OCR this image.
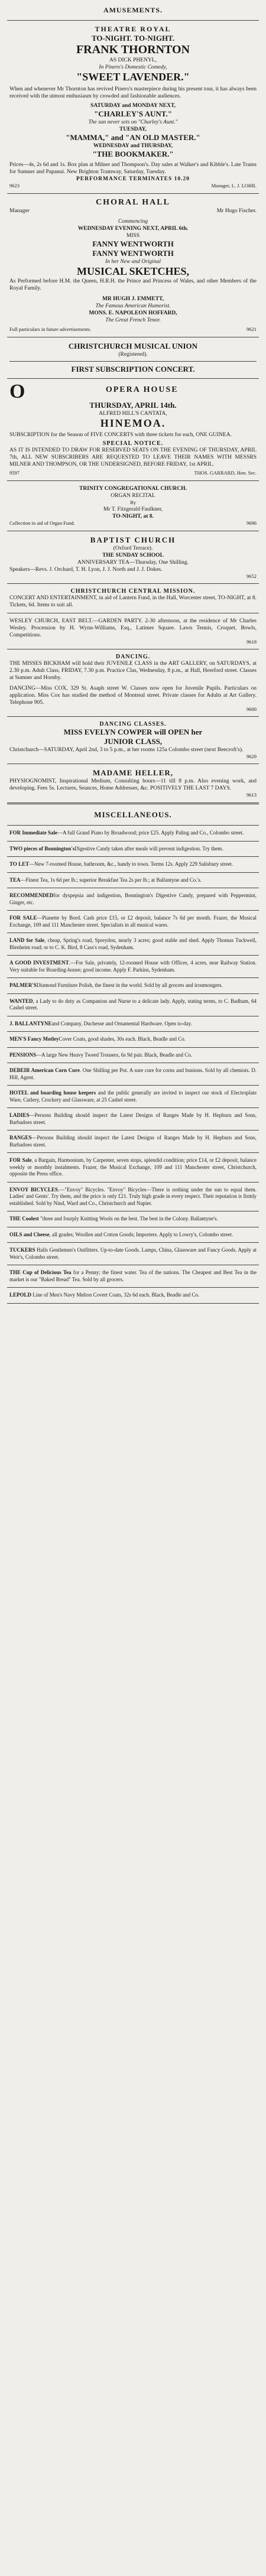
AMUSEMENTS.
THEATRE ROYAL
TO-NIGHT. TO-NIGHT.
FRANK THORNTON
AS DICK PHENYL,
In Pinero's Domestic Comedy,
"SWEET LAVENDER."
When and whenever Mr Thornton has revived Pinero's masterpiece during his present tour, it has always been received with the utmost enthusiasm by crowded and fashionable audiences.
SATURDAY and MONDAY NEXT,
"CHARLEY'S AUNT."
The sun never sets on "Charley's Aunt."
TUESDAY,
"MAMMA," and "AN OLD MASTER."
WEDNESDAY and THURSDAY,
"THE BOOKMAKER."
Prices—4s, 2s 6d and 1s. Box plan at Milner and Thompson's. Day sales at Walker's and Kibble's. Late Trams for Sumner and Papanui. New Brighton Tramway, Saturday, Tuesday.
PERFORMANCE TERMINATES 10.20
9623	Manager, L. J. LOHR.
CHORAL HALL
Manager	Mr Hugo Fischer.
Commencing
WEDNESDAY EVENING NEXT, APRIL 6th.
MISS
FANNY WENTWORTH
FANNY WENTWORTH
In her New and Original
MUSICAL SKETCHES,
As Performed before H.M. the Queen, H.R.H. the Prince and Princess of Wales, and other Members of the Royal Family.
MR HUGH J. EMMETT,
The Famous American Humorist.
MONS. E. NAPOLEON HOFFARD,
The Great French Tenor.
Full particulars in future advertisements.	9621
CHRISTCHURCH MUSICAL UNION
(Registered).
FIRST SUBSCRIPTION CONCERT.
O	OPERA HOUSE
THURSDAY, APRIL 14th.
ALFRED HILL'S CANTATA,
HINEMOA.
SUBSCRIPTION for the Season of FIVE CONCERTS with three tickets for each, ONE GUINEA.
SPECIAL NOTICE.
AS IT IS INTENDED TO DRAW FOR RESERVED SEATS ON THE EVENING OF THURSDAY, APRIL 7th, ALL NEW SUBSCRIBERS ARE REQUESTED TO LEAVE THEIR NAMES WITH MESSRS MILNER AND THOMPSON, OR THE UNDERSIGNED, BEFORE FRIDAY, 1st APRIL.
9597	THOS. GARRARD, Hon. Sec.
TRINITY CONGREGATIONAL CHURCH.
ORGAN RECITAL
By
Mr T. Fitzgerald Faulkner,
TO-NIGHT, at 8.
Collection in aid of Organ Fund.	9696
BAPTIST CHURCH
(Oxford Terrace).
THE SUNDAY SCHOOL
ANNIVERSARY TEA—Thursday, One Shilling.
Speakers—Revs. J. Orchard, T. H. Lyon, J. J. North and J. J. Dokes.
9652
CHRISTCHURCH CENTRAL MISSION.
CONCERT AND ENTERTAINMENT, in aid of Lantern Fund, in the Hall, Worcester street, TO-NIGHT, at 8. Tickets, 6d. Items to suit all.
WESLEY CHURCH, EAST BELT.—GARDEN PARTY. 2-30 afternoon, at the residence of Mr Charles Wesley. Procession by H. Wynn-Williams, Esq., Latimer Square. Lawn Tennis, Croquet, Bowls, Competitions.
9618
DANCING.
THE MISSES BICKHAM will hold their JUVENILE CLASS in the ART GALLERY, on SATURDAYS, at 2.30 p.m. Adult Class, FRIDAY, 7.30 p.m. Practice Clas, Wednesday, 8 p.m., at Hall, Hereford street. Classes at Sumner and Hornby.
DANCING—Miss COX, 329 St. Asaph street W. Classes now open for Juvenile Pupils. Particulars on application. Miss Cox has studied the method of Montreal street. Private classes for Adults at Art Gallery. Telephone 905.
9600
DANCING CLASSES.
MISS EVELYN COWPER will OPEN her
JUNIOR CLASS,
Christchurch—SATURDAY, April 2nd, 3 to 5 p.m., at her rooms 125a Colombo street (next Beecroft's).
9629
MADAME HELLER,
PHYSIOGNOMIST, Inspirational Medium, Consulting hours—11 till 8 p.m. Also evening work, and developing. Fees 5s. Lectures, Seances, Home Addresses, &c. POSITIVELY THE LAST 7 DAYS.
9613
MISCELLANEOUS.
FOR Immediate Sale—A full Grand Piano by Broadwood; price £25. Apply Paling and Co., Colombo street.
TWO pieces of Bonnington'sDigestive Candy taken after meals will prevent indigestion. Try them.
TO LET—New 7-roomed House, bathroom, &c., handy to town. Terms 12s. Apply 229 Salisbury street.
TEA—Finest Tea, 1s 6d per lb.; superior Breakfast Tea 2s per lb.; at Ballantyne and Co.'s.
RECOMMENDEDfor dyspepsia and indigestion, Bonnington's Digestive Candy, prepared with Peppermint, Ginger, etc.
FOR SALE—Pianette by Bord. Cash price £15, or £2 deposit, balance 7s 6d per month. Frazer, the Musical Exchange, 109 and 111 Manchester street. Specialists in all musical wares.
LAND for Sale, cheap, Spring's road, Spreydon, nearly 3 acres; good stable and shed. Apply Thomas Tuckwell, Blenheim road; or to C. K. Bird, 8 Cass's road, Sydenham.
A GOOD INVESTMENT.—For Sale, privately, 12-roomed House with Offices, 4 acres, near Railway Station. Very suitable for Boarding-house; good income. Apply F. Parkins, Sydenham.
PALMER'SDiamond Furniture Polish, the finest in the world. Sold by all grocers and ironmongers.
WANTED, a Lady to do duty as Companion and Nurse to a delicate lady. Apply, stating terms, to C. Badham, 64 Cashel street.
J. BALLANTYNEand Company, Duchesse and Ornamental Hardware. Open to-day.
MEN'S Fancy MotleyCover Coats, good shades, 30s each. Black, Beadle and Co.
PENSIONS—A large New Heavy Tweed Trousers, 6s 9d pair. Black, Beadle and Co.
DEBEIR American Corn Cure. One Shilling per Pot. A sure cure for corns and bunions. Sold by all chemists. D. Hill, Agent.
HOTEL and boarding house keepers and the public generally are invited to inspect our stock of Electroplate Ware, Cutlery, Crockery and Glassware, at 25 Cashel street.
LADIES—Persons Building should inspect the Latest Designs of Ranges Made by H. Hepburn and Sons, Barbadoes street.
RANGES—Persons Building should inspect the Latest Designs of Ranges Made by H. Hepburn and Sons, Barbadoes street.
FOR Sale, a Bargain, Harmonium, by Carpenter, seven stops, splendid condition; price £14, or £2 deposit, balance weekly or monthly instalments. Frazer, the Musical Exchange, 109 and 111 Manchester street, Christchurch, opposite the Press office.
ENVOY BICYCLES.—"Envoy" Bicycles. "Envoy" Bicycles—There is nothing under the sun to equal them. Ladies' and Gents'. Try them, and the price is only £21. Truly high grade in every respect. Their reputation is firmly established. Sold by Nind, Ward and Co., Christchurch and Napier.
THE Coolest "three and fourply Knitting Wools on the best. The best in the Colony. Ballantyne's.
OILS and Cheese, all grades; Woollen and Cotton Goods; Importers. Apply to Lowry's, Colombo street.
TUCKERS Halls Gentlemen's Outfitters. Up-to-date Goods. Lamps, China, Glassware and Fancy Goods. Apply at Weir's, Colombo street.
THE Cup of Delicious Tea for a Penny; the finest water. Tea of the nations. The Cheapest and Best Tea in the market is our "Baked Bread" Tea. Sold by all grocers.
LEPOLD Line of Men's Navy Melton Covert Coats, 32s 6d each. Black, Beadle and Co.
